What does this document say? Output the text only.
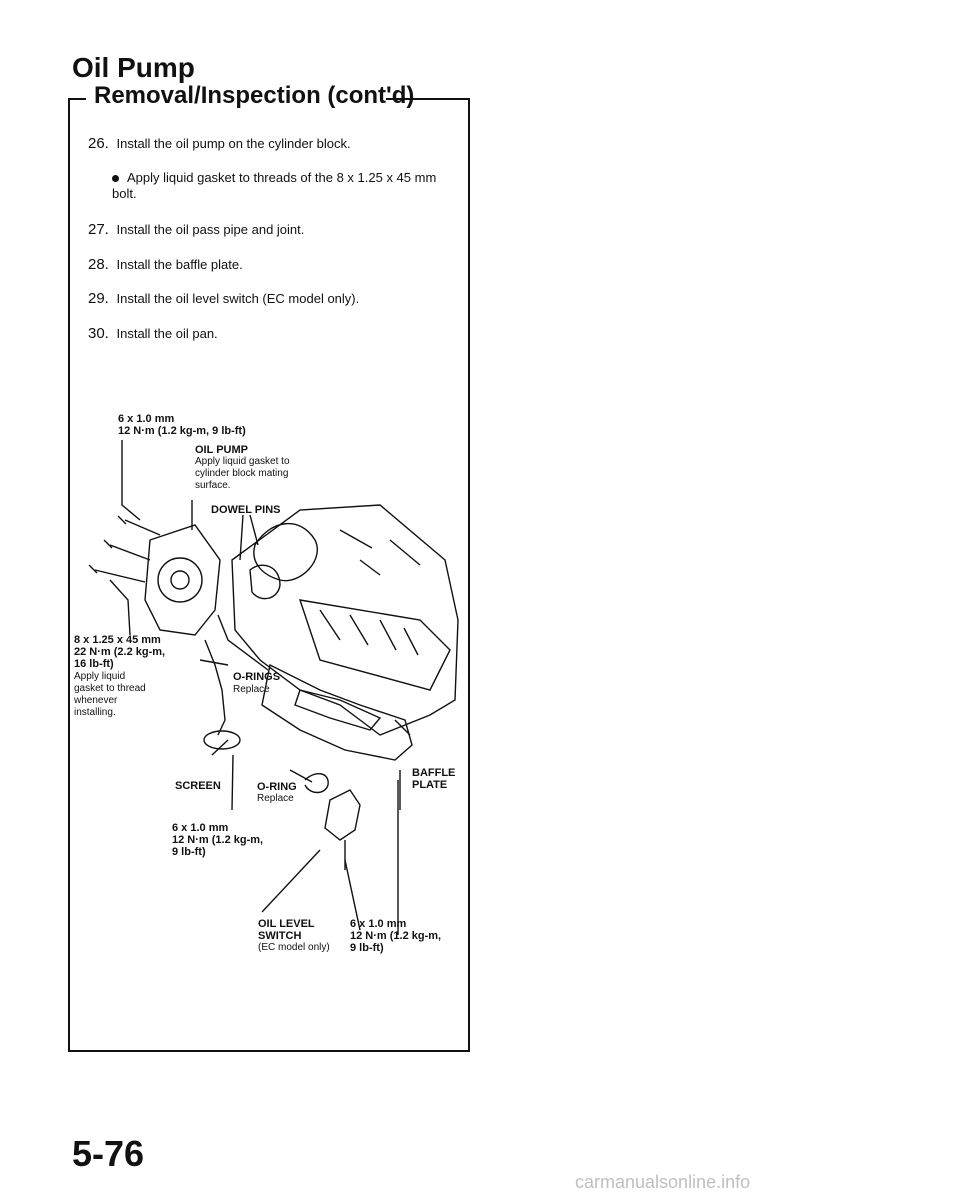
Oil Pump
Removal/Inspection (cont'd)
26. Install the oil pump on the cylinder block.
Apply liquid gasket to threads of the 8 x 1.25 x 45 mm bolt.
27. Install the oil pass pipe and joint.
28. Install the baffle plate.
29. Install the oil level switch (EC model only).
30. Install the oil pan.
6 x 1.0 mm
12 N·m (1.2 kg-m, 9 lb-ft)
OIL PUMP
Apply liquid gasket to
cylinder block mating
surface.
DOWEL PINS
8 x 1.25 x 45 mm
22 N·m (2.2 kg-m,
16 lb-ft)
Apply liquid
gasket to thread
whenever
installing.
O-RINGS
Replace
SCREEN	O-RING
Replace
BAFFLE
PLATE
6 x 1.0 mm
12 N·m (1.2 kg-m,
9 lb-ft)
OIL LEVEL
SWITCH
(EC model only)
6 x 1.0 mm
12 N·m (1.2 kg-m,
9 lb-ft)
5-76
carmanualsonline.info
